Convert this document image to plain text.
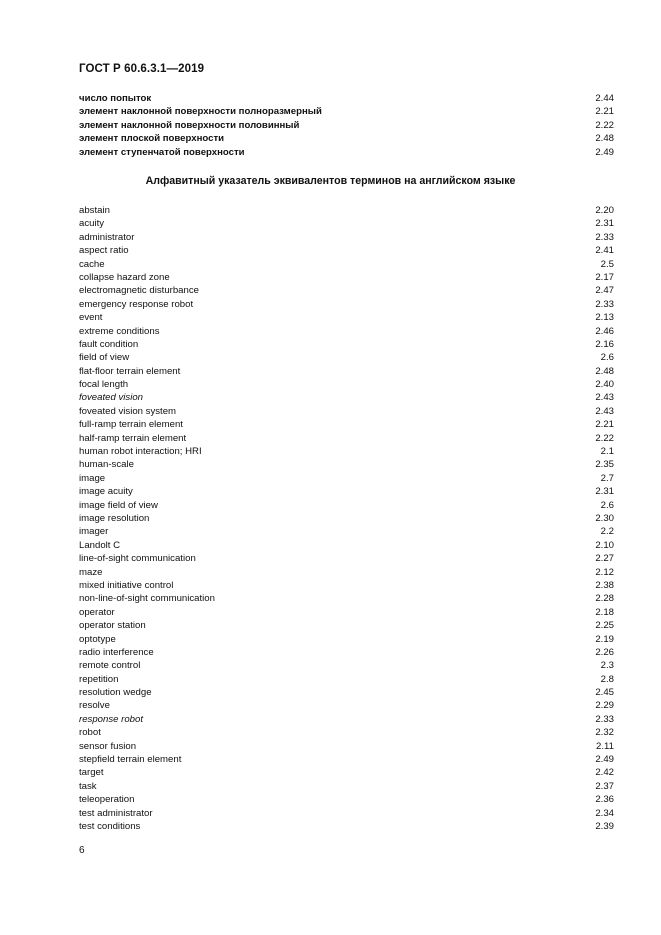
ГОСТ Р 60.6.3.1—2019
число попыток	2.44
элемент наклонной поверхности полноразмерный	2.21
элемент наклонной поверхности половинный	2.22
элемент плоской поверхности	2.48
элемент ступенчатой поверхности	2.49
Алфавитный указатель эквивалентов терминов на английском языке
abstain	2.20
acuity	2.31
administrator	2.33
aspect ratio	2.41
cache	2.5
collapse hazard zone	2.17
electromagnetic disturbance	2.47
emergency response robot	2.33
event	2.13
extreme conditions	2.46
fault condition	2.16
field of view	2.6
flat-floor terrain element	2.48
focal length	2.40
foveated vision	2.43
foveated vision system	2.43
full-ramp terrain element	2.21
half-ramp terrain element	2.22
human robot interaction; HRI	2.1
human-scale	2.35
image	2.7
image acuity	2.31
image field of view	2.6
image resolution	2.30
imager	2.2
Landolt C	2.10
line-of-sight communication	2.27
maze	2.12
mixed initiative control	2.38
non-line-of-sight communication	2.28
operator	2.18
operator station	2.25
optotype	2.19
radio interference	2.26
remote control	2.3
repetition	2.8
resolution wedge	2.45
resolve	2.29
response robot	2.33
robot	2.32
sensor fusion	2.11
stepfield terrain element	2.49
target	2.42
task	2.37
teleoperation	2.36
test administrator	2.34
test conditions	2.39
6
